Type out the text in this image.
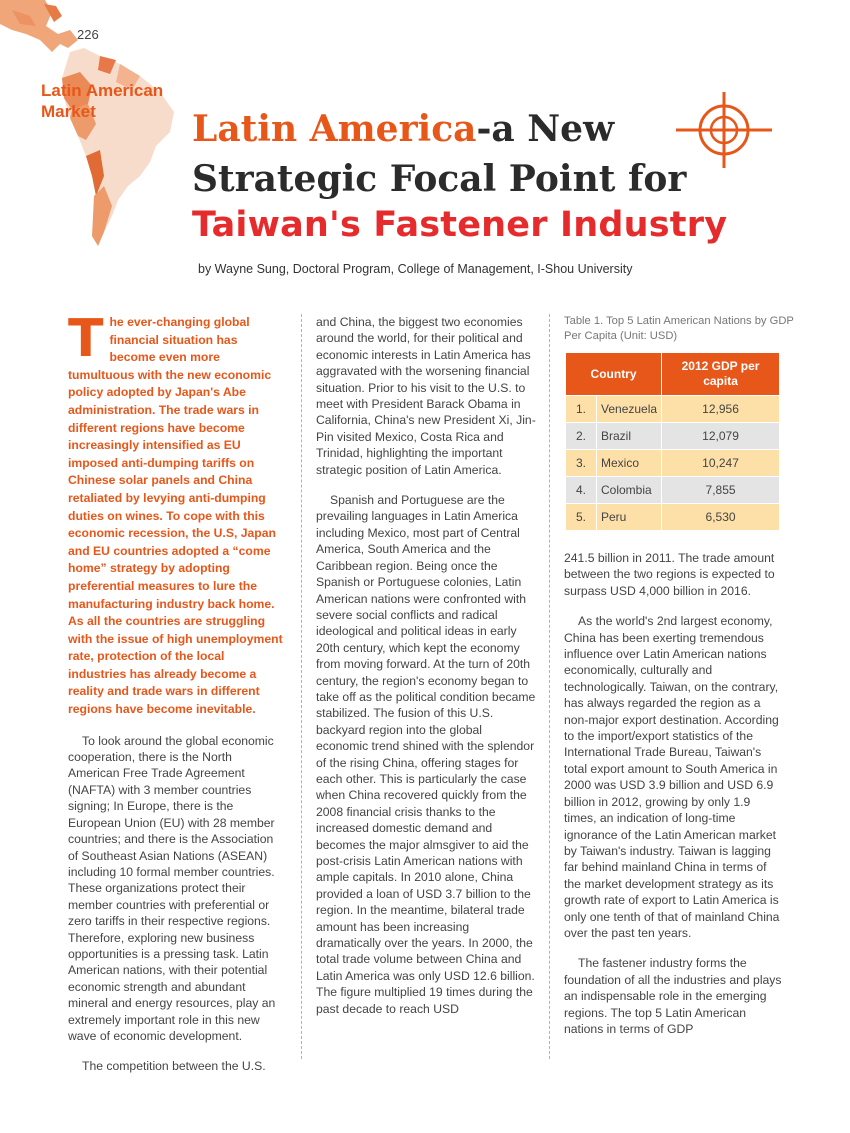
226
Latin American
Market	Latin America-a New
Strategic Focal Point for
Taiwan's Fastener Industry
by Wayne Sung, Doctoral Program, College of Management, I-Shou University

The ever-changing global financial situation has become even more tumultuous with the new economic policy adopted by Japan's Abe administration. The trade wars in different regions have become increasingly intensified as EU imposed anti-dumping tariffs on Chinese solar panels and China retaliated by levying anti-dumping duties on wines. To cope with this economic recession, the U.S, Japan and EU countries adopted a “come home” strategy by adopting preferential measures to lure the manufacturing industry back home. As all the countries are struggling with the issue of high unemployment rate, protection of the local industries has already become a reality and trade wars in different regions have become inevitable.

To look around the global economic cooperation, there is the North American Free Trade Agreement (NAFTA) with 3 member countries signing; In Europe, there is the European Union (EU) with 28 member countries; and there is the Association of Southeast Asian Nations (ASEAN) including 10 formal member countries. These organizations protect their member countries with preferential or zero tariffs in their respective regions. Therefore, exploring new business opportunities is a pressing task. Latin American nations, with their potential economic strength and abundant mineral and energy resources, play an extremely important role in this new wave of economic development.

The competition between the U.S.

and China, the biggest two economies around the world, for their political and economic interests in Latin America has aggravated with the worsening financial situation. Prior to his visit to the U.S. to meet with President Barack Obama in California, China's new President Xi, Jin-Pin visited Mexico, Costa Rica and Trinidad, highlighting the important strategic position of Latin America.

Spanish and Portuguese are the prevailing languages in Latin America including Mexico, most part of Central America, South America and the Caribbean region. Being once the Spanish or Portuguese colonies, Latin American nations were confronted with severe social conflicts and radical ideological and political ideas in early 20th century, which kept the economy from moving forward. At the turn of 20th century, the region's economy began to take off as the political condition became stabilized. The fusion of this U.S. backyard region into the global economic trend shined with the splendor of the rising China, offering stages for each other. This is particularly the case when China recovered quickly from the 2008 financial crisis thanks to the increased domestic demand and becomes the major almsgiver to aid the post-crisis Latin American nations with ample capitals. In 2010 alone, China provided a loan of USD 3.7 billion to the region. In the meantime, bilateral trade amount has been increasing dramatically over the years. In 2000, the total trade volume between China and Latin America was only USD 12.6 billion. The figure multiplied 19 times during the past decade to reach USD

Table 1. Top 5 Latin American Nations by GDP Per Capita (Unit: USD)
Country		2012 GDP per capita
1.	Venezuela	12,956
2.	Brazil	12,079
3.	Mexico	10,247
4.	Colombia	7,855
5.	Peru	6,530

241.5 billion in 2011. The trade amount between the two regions is expected to surpass USD 4,000 billion in 2016.

As the world's 2nd largest economy, China has been exerting tremendous influence over Latin American nations economically, culturally and technologically. Taiwan, on the contrary, has always regarded the region as a non-major export destination. According to the import/export statistics of the International Trade Bureau, Taiwan's total export amount to South America in 2000 was USD 3.9 billion and USD 6.9 billion in 2012, growing by only 1.9 times, an indication of long-time ignorance of the Latin American market by Taiwan's industry. Taiwan is lagging far behind mainland China in terms of the market development strategy as its growth rate of export to Latin America is only one tenth of that of mainland China over the past ten years.

The fastener industry forms the foundation of all the industries and plays an indispensable role in the emerging regions. The top 5 Latin American nations in terms of GDP
